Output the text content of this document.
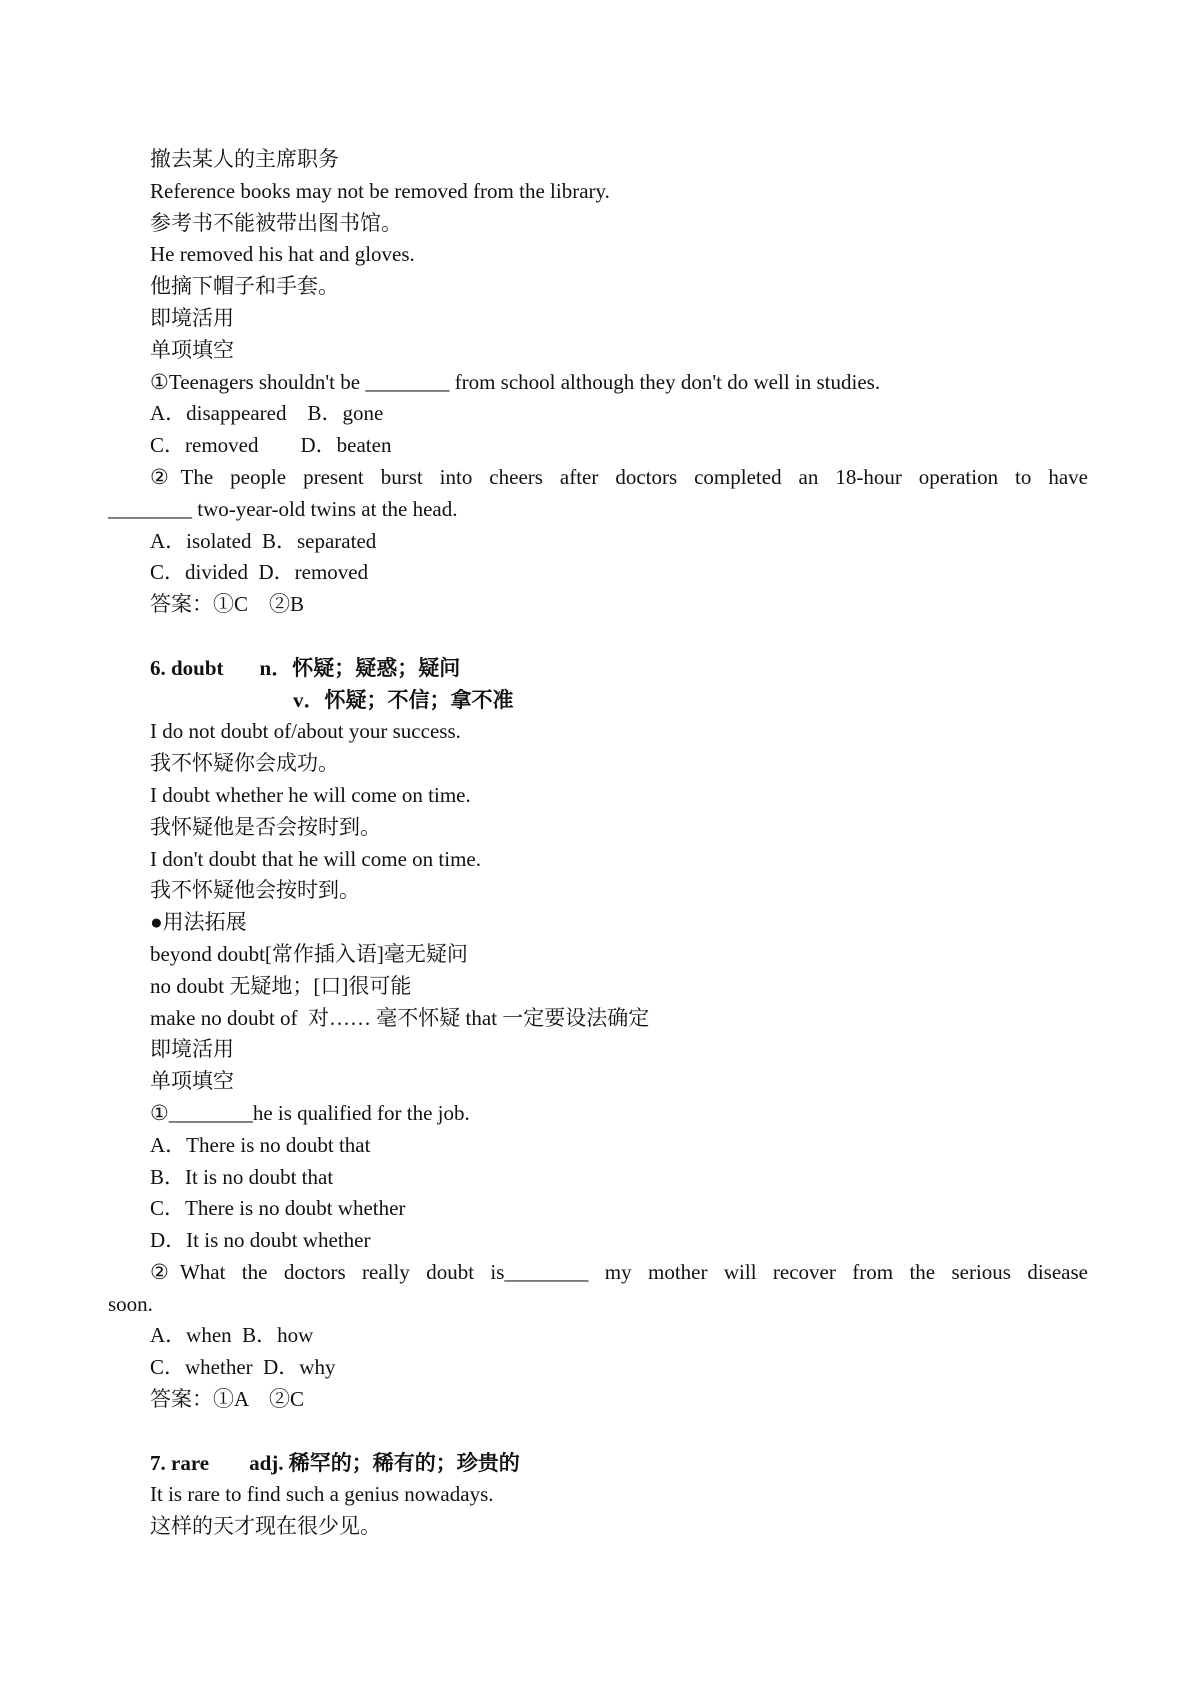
撤去某人的主席职务
Reference books may not be removed from the library.
参考书不能被带出图书馆。
He removed his hat and gloves.
他摘下帽子和手套。
即境活用
单项填空
①Teenagers shouldn't be ________ from school although they don't do well in studies.
A．disappeared　B．gone
C．removed　　D．beaten
②The people present burst into cheers after doctors completed an 18-hour operation to have
________ two-year-old twins at the head.
A．isolated  B．separated
C．divided  D．removed
答案：①C　②B
6. doubt n．怀疑；疑惑；疑问
v．怀疑；不信；拿不准
I do not doubt of/about your success.
我不怀疑你会成功。
I doubt whether he will come on time.
我怀疑他是否会按时到。
I don't doubt that he will come on time.
我不怀疑他会按时到。
●用法拓展
beyond doubt[常作插入语]毫无疑问
no doubt 无疑地；[口]很可能
make no doubt of  对…… 毫不怀疑 that 一定要设法确定
即境活用
单项填空
①________he is qualified for the job.
A．There is no doubt that
B．It is no doubt that
C．There is no doubt whether
D．It is no doubt whether
②What the doctors really doubt is________ my mother will recover from the serious disease
soon.
A．when  B．how
C．whether  D．why
答案：①A　②C
7. rare adj. 稀罕的；稀有的；珍贵的
It is rare to find such a genius nowadays.
这样的天才现在很少见。
